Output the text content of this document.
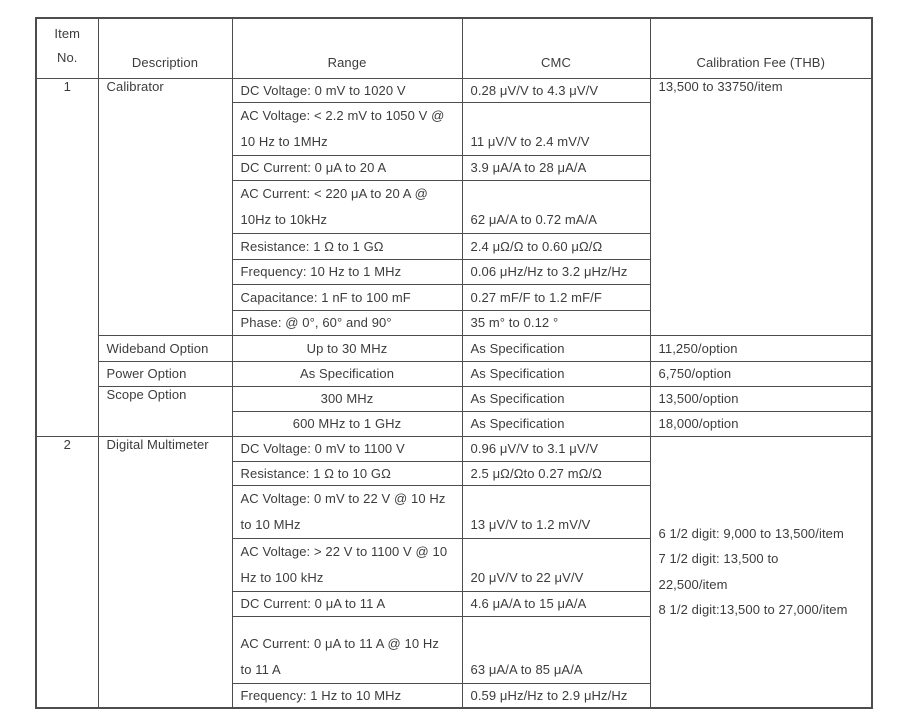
Item
No.	Description	Range	CMC	Calibration Fee (THB)
1	Calibrator	DC Voltage: 0 mV to 1020 V	0.28 μV/V to 4.3 μV/V	13,500 to 33750/item

		AC Voltage: < 2.2 mV to 1050 V @
10 Hz to 1MHz	11 μV/V to 2.4 mV/V	
		DC Current: 0 μA to 20 A	3.9 μA/A to 28 μA/A	

		AC Current: < 220 μA to 20 A @
10Hz to 10kHz	62 μA/A to 0.72 mA/A	
		Resistance: 1 Ω to 1 GΩ	2.4 μΩ/Ω to 0.60 μΩ/Ω	
		Frequency: 10 Hz to 1 MHz	0.06 μHz/Hz to 3.2 μHz/Hz	
		Capacitance: 1 nF to 100 mF	0.27 mF/F to 1.2 mF/F	
		Phase: @ 0°, 60° and 90°	35 m° to 0.12 °	
	Wideband Option	Up to 30 MHz	As Specification	11,250/option
	Power Option	As Specification	As Specification	6,750/option
	Scope Option	300 MHz	As Specification	13,500/option
		600 MHz to 1 GHz	As Specification	18,000/option
2	Digital Multimeter	DC Voltage: 0 mV to 1100 V	0.96 μV/V to 3.1 μV/V	6 1/2 digit: 9,000 to 13,500/item
7 1/2 digit: 13,500 to
22,500/item
8 1/2 digit:13,500 to 27,000/item

		Resistance: 1 Ω to 10 GΩ	2.5 μΩ/Ωto 0.27 mΩ/Ω	

		AC Voltage: 0 mV to 22 V @ 10 Hz
to 10 MHz	13 μV/V to 1.2 mV/V	

		AC Voltage: > 22 V to 1100 V @ 10
Hz to 100 kHz	20 μV/V to 22 μV/V	
		DC Current: 0 μA to 11 A	4.6 μA/A to 15 μA/A	

		AC Current: 0 μA to 11 A @ 10 Hz
to 11 A	63 μA/A to 85 μA/A	
		Frequency: 1 Hz to 10 MHz	0.59 μHz/Hz to 2.9 μHz/Hz	
